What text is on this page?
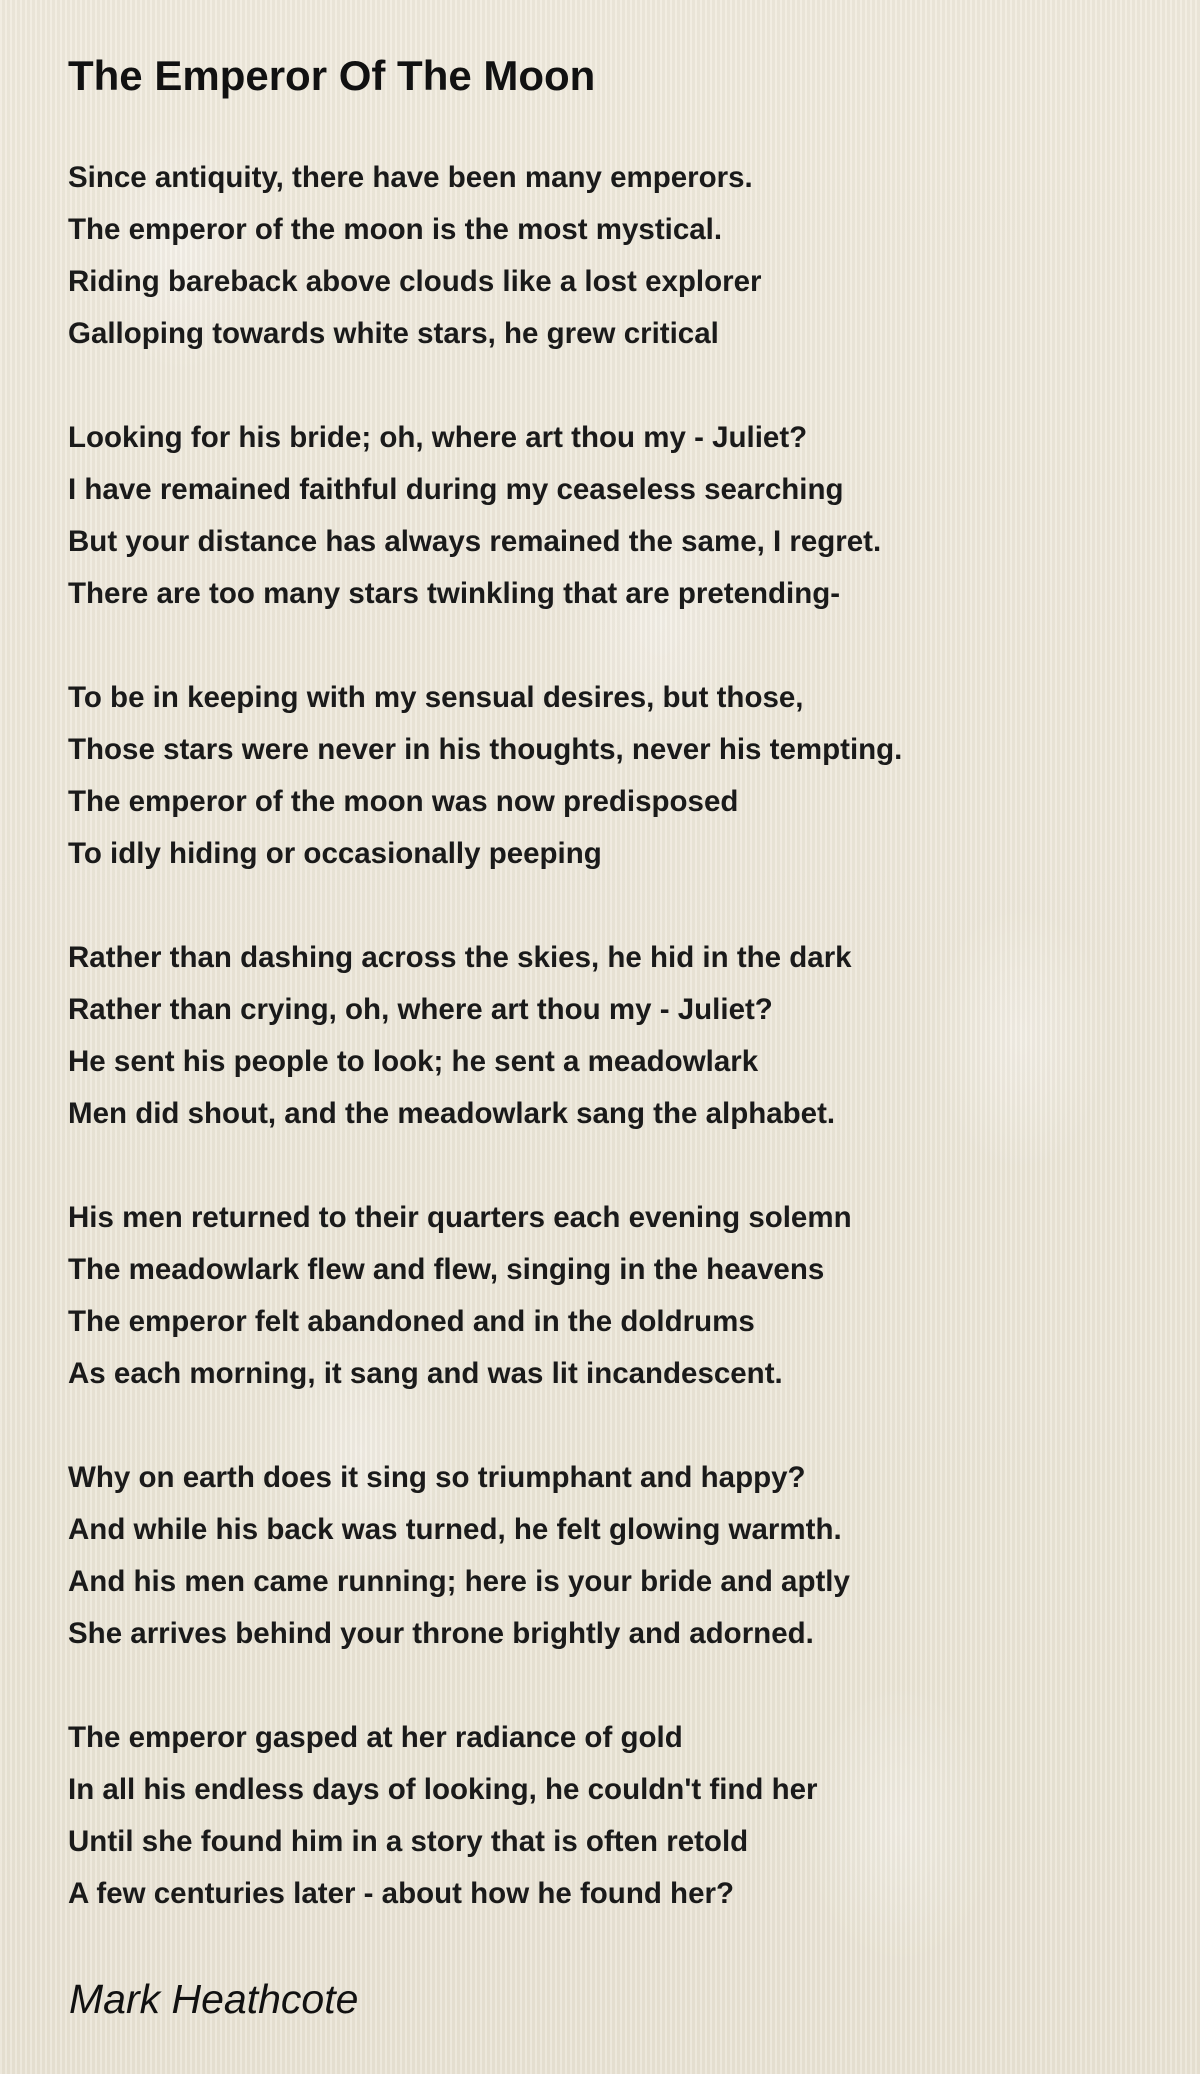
The Emperor Of The Moon
Since antiquity, there have been many emperors.
The emperor of the moon is the most mystical.
Riding bareback above clouds like a lost explorer
Galloping towards white stars, he grew critical
Looking for his bride; oh, where art thou my - Juliet?
I have remained faithful during my ceaseless searching
But your distance has always remained the same, I regret.
There are too many stars twinkling that are pretending-
To be in keeping with my sensual desires, but those,
Those stars were never in his thoughts, never his tempting.
The emperor of the moon was now predisposed
To idly hiding or occasionally peeping
Rather than dashing across the skies, he hid in the dark
Rather than crying, oh, where art thou my - Juliet?
He sent his people to look; he sent a meadowlark
Men did shout, and the meadowlark sang the alphabet.
His men returned to their quarters each evening solemn
The meadowlark flew and flew, singing in the heavens
The emperor felt abandoned and in the doldrums
As each morning, it sang and was lit incandescent.
Why on earth does it sing so triumphant and happy?
And while his back was turned, he felt glowing warmth.
And his men came running; here is your bride and aptly
She arrives behind your throne brightly and adorned.
The emperor gasped at her radiance of gold
In all his endless days of looking, he couldn't find her
Until she found him in a story that is often retold
A few centuries later - about how he found her?
Mark Heathcote
